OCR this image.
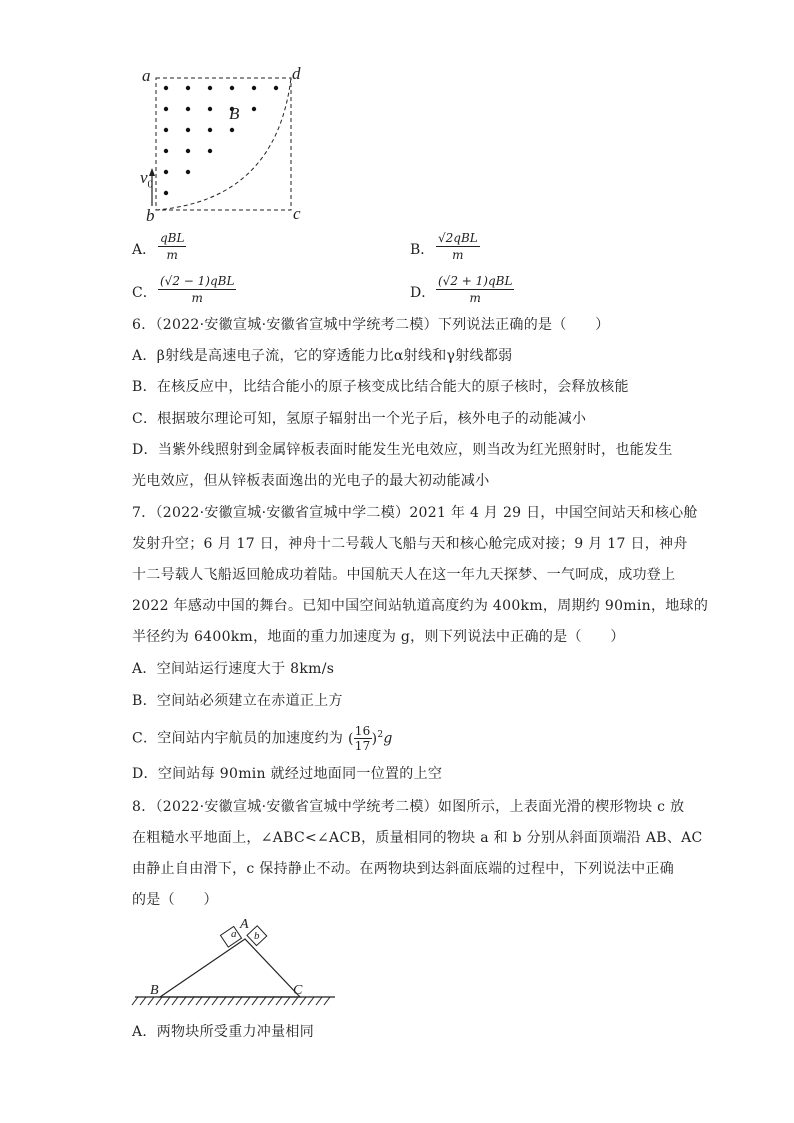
a	d
b	c
B
$v_0$
A．
qBL
m	B．
√2qBL
m
C．
(√2 − 1)qBL
m	D．
(√2 + 1)qBL
m
6．（2022·安徽宣城·安徽省宣城中学统考二模）下列说法正确的是（　　）
A．β射线是高速电子流，它的穿透能力比α射线和γ射线都弱
B．在核反应中，比结合能小的原子核变成比结合能大的原子核时，会释放核能
C．根据玻尔理论可知，氢原子辐射出一个光子后，核外电子的动能减小
D．当紫外线照射到金属锌板表面时能发生光电效应，则当改为红光照射时，也能发生
光电效应，但从锌板表面逸出的光电子的最大初动能减小
7．（2022·安徽宣城·安徽省宣城中学二模）2021 年 4 月 29 日，中国空间站天和核心舱
发射升空；6 月 17 日，神舟十二号载人飞船与天和核心舱完成对接；9 月 17 日，神舟
十二号载人飞船返回舱成功着陆。中国航天人在这一年九天探梦、一气呵成，成功登上
2022 年感动中国的舞台。已知中国空间站轨道高度约为 400km，周期约 90min，地球的
半径约为 6400km，地面的重力加速度为 g，则下列说法中正确的是（　　）
A．空间站运行速度大于 8km/s
B．空间站必须建立在赤道正上方
C．空间站内宇航员的加速度约为 ( $\frac{16}{17} )^2g$
D．空间站每 90min 就经过地面同一位置的上空
8．（2022·安徽宣城·安徽省宣城中学统考二模）如图所示，上表面光滑的楔形物块 c 放
在粗糙水平地面上，∠ABC<∠ACB，质量相同的物块 a 和 b 分别从斜面顶端沿 AB、AC
由静止自由滑下，c 保持静止不动。在两物块到达斜面底端的过程中，下列说法中正确
的是（　　）
A
B	C
a b
A．两物块所受重力冲量相同
